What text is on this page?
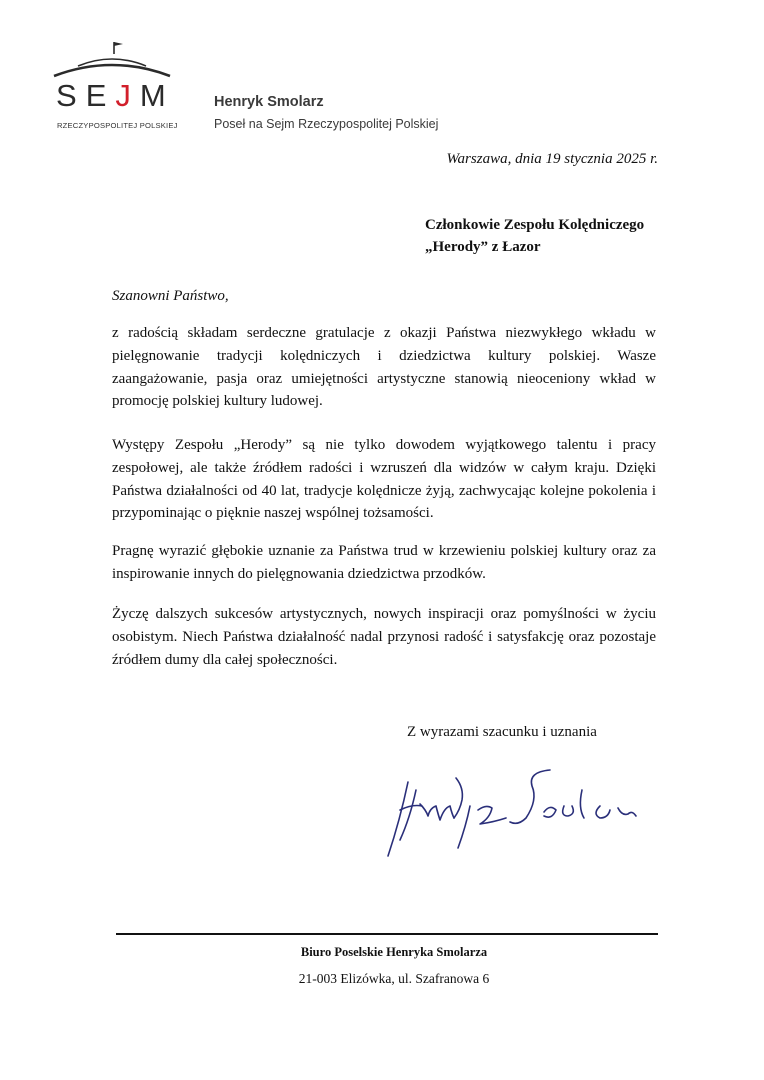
SEJM
RZECZYPOSPOLITEJ POLSKIEJ
Henryk Smolarz
Poseł na Sejm Rzeczypospolitej Polskiej
Warszawa, dnia 19 stycznia 2025 r.
Członkowie Zespołu Kolędniczego
„Herody” z Łazor
Szanowni Państwo,

z radością składam serdeczne gratulacje z okazji Państwa niezwykłego wkładu w pielęgnowanie tradycji kolędniczych i dziedzictwa kultury polskiej. Wasze zaangażowanie, pasja oraz umiejętności artystyczne stanowią nieoceniony wkład w promocję polskiej kultury ludowej.

Występy Zespołu „Herody” są nie tylko dowodem wyjątkowego talentu i pracy zespołowej, ale także źródłem radości i wzruszeń dla widzów w całym kraju. Dzięki Państwa działalności od 40 lat, tradycje kolędnicze żyją, zachwycając kolejne pokolenia i przypominając o pięknie naszej wspólnej tożsamości.

Pragnę wyrazić głębokie uznanie za Państwa trud w krzewieniu polskiej kultury oraz za inspirowanie innych do pielęgnowania dziedzictwa przodków.

Życzę dalszych sukcesów artystycznych, nowych inspiracji oraz pomyślności w życiu osobistym. Niech Państwa działalność nadal przynosi radość i satysfakcję oraz pozostaje źródłem dumy dla całej społeczności.

Z wyrazami szacunku i uznania
Biuro Poselskie Henryka Smolarza
21-003 Elizówka, ul. Szafranowa 6
